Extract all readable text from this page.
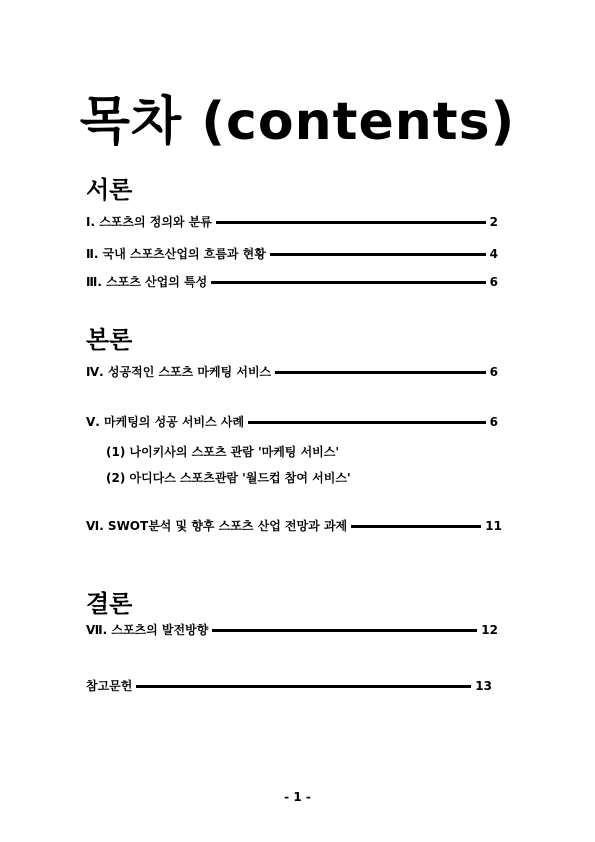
목차 (contents)
서론
Ⅰ. 스포츠의 정의와 분류	2
Ⅱ. 국내 스포츠산업의 흐름과 현황	4
Ⅲ. 스포츠 산업의 특성	6
본론
Ⅳ. 성공적인 스포츠 마케팅 서비스	6
Ⅴ. 마케팅의 성공 서비스 사례	6
(1) 나이키사의 스포츠 관람 '마케팅 서비스'
(2) 아디다스 스포츠관람 '월드컵 참여 서비스'
Ⅵ. SWOT분석 및 향후 스포츠 산업 전망과 과제	11
결론
Ⅶ. 스포츠의 발전방향	12
참고문헌	13
- 1 -
